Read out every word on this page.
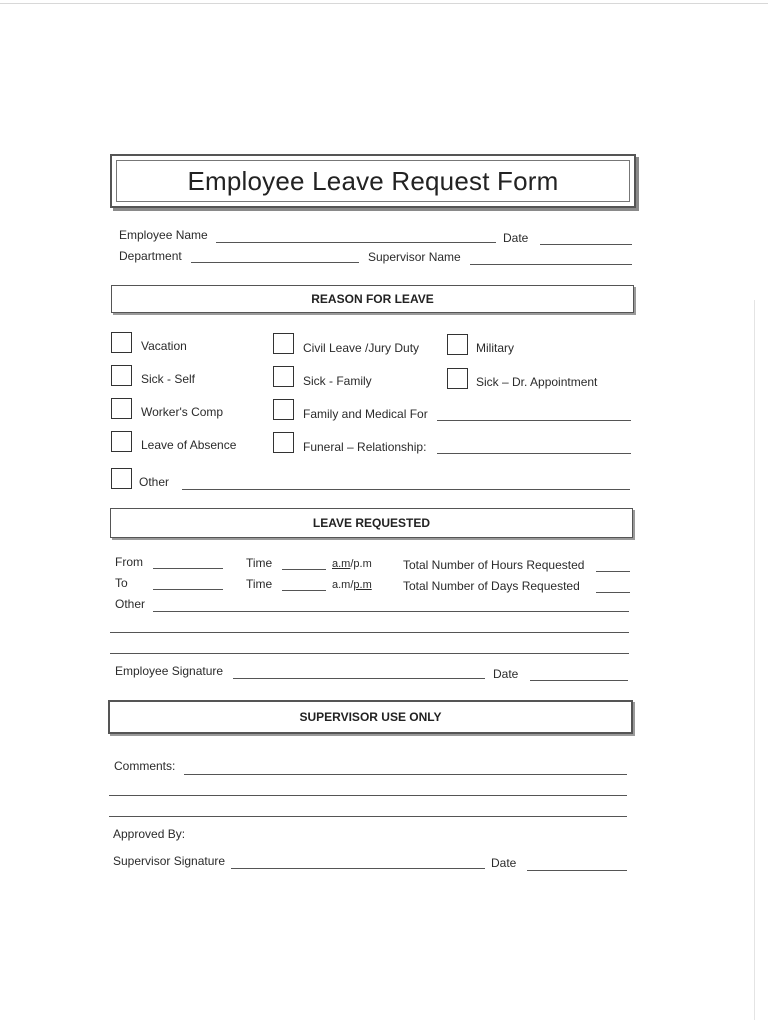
Employee Leave Request Form
Employee Name	Date
Department	Supervisor Name
REASON FOR LEAVE
Vacation	Civil Leave /Jury Duty	Military
Sick - Self	Sick - Family	Sick – Dr. Appointment
Worker's Comp	Family and Medical For
Leave of Absence	Funeral – Relationship:
Other
LEAVE REQUESTED
From	Time	a.m/p.m	Total Number of Hours Requested
To	Time	a.m/p.m	Total Number of Days Requested
Other
Employee Signature	Date
SUPERVISOR USE ONLY
Comments:
Approved By:
Supervisor Signature	Date
